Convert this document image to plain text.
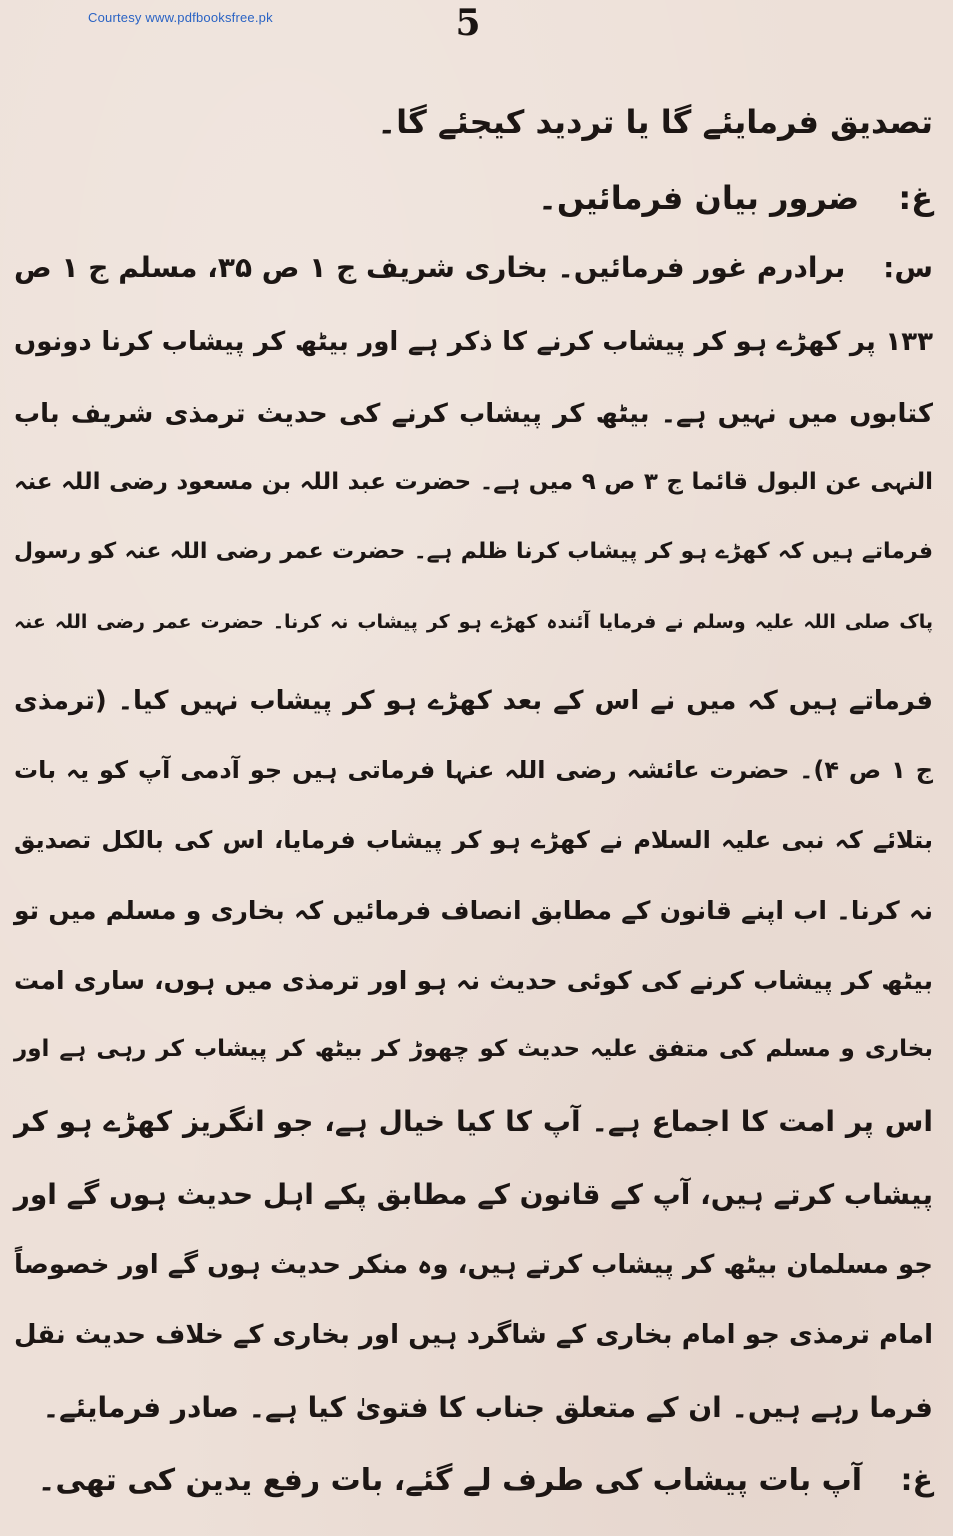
Courtesy www.pdfbooksfree.pk	5
تصدیق فرمایئے گا یا تردید کیجئے گا۔
غ: ضرور بیان فرمائیں۔
س: برادرم غور فرمائیں۔ بخاری شریف ج ۱ ص ۳۵، مسلم ج ۱ ص
۱۳۳ پر کھڑے ہو کر پیشاب کرنے کا ذکر ہے اور بیٹھ کر پیشاب کرنا دونوں
کتابوں میں نہیں ہے۔ بیٹھ کر پیشاب کرنے کی حدیث ترمذی شریف باب
النہی عن البول قائما ج ۳ ص ۹ میں ہے۔ حضرت عبد اللہ بن مسعود رضی اللہ عنہ
فرماتے ہیں کہ کھڑے ہو کر پیشاب کرنا ظلم ہے۔ حضرت عمر رضی اللہ عنہ کو رسول
پاک صلی اللہ علیہ وسلم نے فرمایا آئندہ کھڑے ہو کر پیشاب نہ کرنا۔ حضرت عمر رضی اللہ عنہ
فرماتے ہیں کہ میں نے اس کے بعد کھڑے ہو کر پیشاب نہیں کیا۔ (ترمذی
ج ۱ ص ۴)۔ حضرت عائشہ رضی اللہ عنہا فرماتی ہیں جو آدمی آپ کو یہ بات
بتلائے کہ نبی علیہ السلام نے کھڑے ہو کر پیشاب فرمایا، اس کی بالکل تصدیق
نہ کرنا۔ اب اپنے قانون کے مطابق انصاف فرمائیں کہ بخاری و مسلم میں تو
بیٹھ کر پیشاب کرنے کی کوئی حدیث نہ ہو اور ترمذی میں ہوں، ساری امت
بخاری و مسلم کی متفق علیہ حدیث کو چھوڑ کر بیٹھ کر پیشاب کر رہی ہے اور
اس پر امت کا اجماع ہے۔ آپ کا کیا خیال ہے، جو انگریز کھڑے ہو کر
پیشاب کرتے ہیں، آپ کے قانون کے مطابق پکے اہل حدیث ہوں گے اور
جو مسلمان بیٹھ کر پیشاب کرتے ہیں، وہ منکر حدیث ہوں گے اور خصوصاً
امام ترمذی جو امام بخاری کے شاگرد ہیں اور بخاری کے خلاف حدیث نقل
فرما رہے ہیں۔ ان کے متعلق جناب کا فتویٰ کیا ہے۔ صادر فرمایئے۔
غ: آپ بات پیشاب کی طرف لے گئے، بات رفع یدین کی تھی۔
